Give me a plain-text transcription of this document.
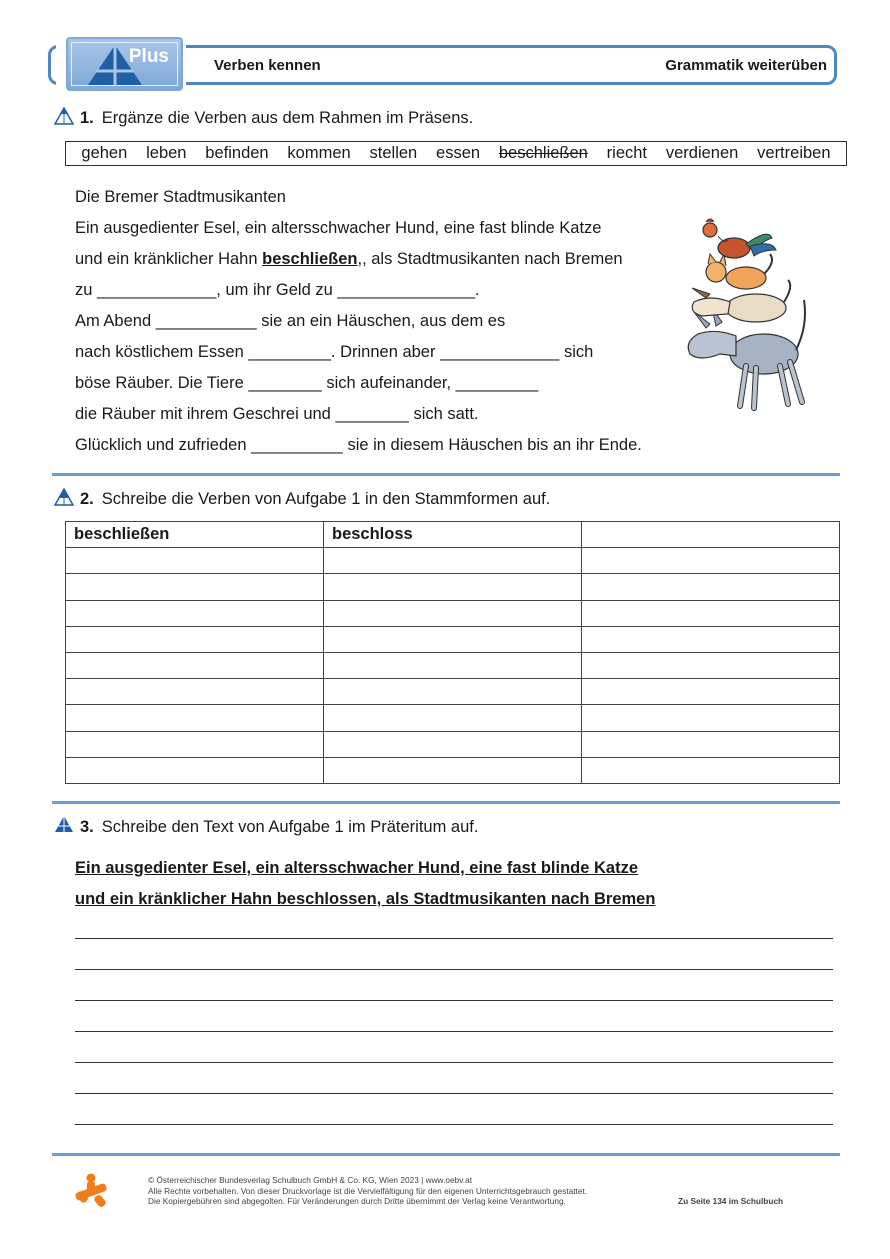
Plus	Verben kennen	Grammatik weiterüben
1. Ergänze die Verben aus dem Rahmen im Präsens.
gehen leben befinden kommen stellen essen beschließen riecht verdienen vertreiben
Die Bremer Stadtmusikanten
Ein ausgedienter Esel, ein altersschwacher Hund, eine fast blinde Katze
und ein kränklicher Hahn beschließen,, als Stadtmusikanten nach Bremen
zu _____________, um ihr Geld zu _______________.
Am Abend ___________ sie an ein Häuschen, aus dem es
nach köstlichem Essen _________. Drinnen aber _____________ sich
böse Räuber. Die Tiere ________ sich aufeinander, _________
die Räuber mit ihrem Geschrei und ________ sich satt.
Glücklich und zufrieden __________ sie in diesem Häuschen bis an ihr Ende.
2. Schreibe die Verben von Aufgabe 1 in den Stammformen auf.
beschließen	beschloss	

3. Schreibe den Text von Aufgabe 1 im Präteritum auf.
Ein ausgedienter Esel, ein altersschwacher Hund, eine fast blinde Katze
und ein kränklicher Hahn beschlossen, als Stadtmusikanten nach Bremen
© Österreichischer Bundesverlag Schulbuch GmbH & Co. KG, Wien 2023 | www.oebv.at
Alle Rechte vorbehalten. Von dieser Druckvorlage ist die Vervielfältigung für den eigenen Unterrichtsgebrauch gestattet.
Die Kopiergebühren sind abgegolten. Für Veränderungen durch Dritte übernimmt der Verlag keine Verantwortung.	Zu Seite 134 im Schulbuch
